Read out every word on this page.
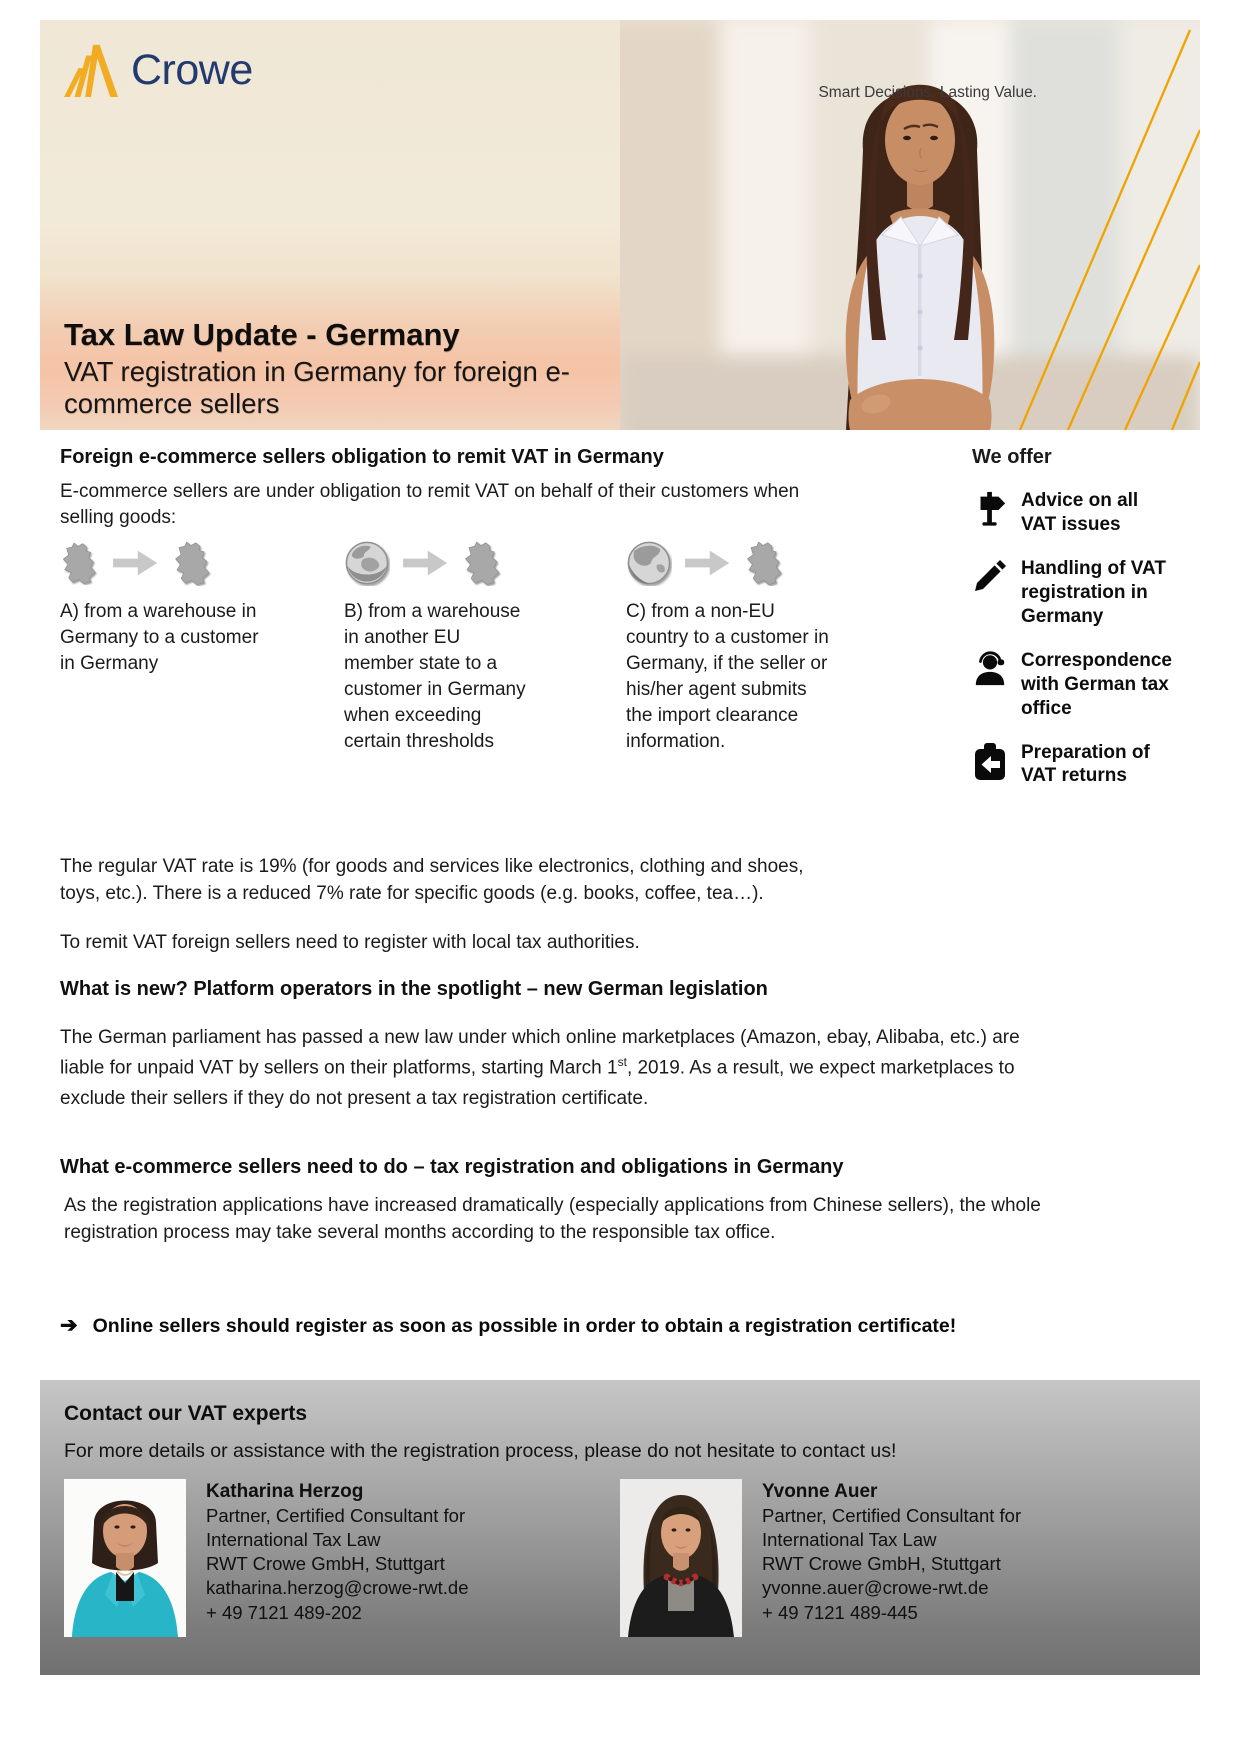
Crowe	Smart Decisions. Lasting Value.
Tax Law Update - Germany
VAT registration in Germany for foreign e-commerce sellers
Foreign e-commerce sellers obligation to remit VAT in Germany

E-commerce sellers are under obligation to remit VAT on behalf of their customers when selling goods:

A) from a warehouse in Germany to a customer in Germany

B) from a warehouse in another EU member state to a customer in Germany when exceeding certain thresholds

C) from a non-EU country to a customer in Germany, if the seller or his/her agent submits the import clearance information.

The regular VAT rate is 19% (for goods and services like electronics, clothing and shoes, toys, etc.). There is a reduced 7% rate for specific goods (e.g. books, coffee, tea…).

To remit VAT foreign sellers need to register with local tax authorities.

We offer
Advice on all VAT issues
Handling of VAT registration in Germany
Correspondence with German tax office
Preparation of VAT returns
What is new? Platform operators in the spotlight – new German legislation

The German parliament has passed a new law under which online marketplaces (Amazon, ebay, Alibaba, etc.) are liable for unpaid VAT by sellers on their platforms, starting March 1st, 2019. As a result, we expect marketplaces to exclude their sellers if they do not present a tax registration certificate.

What e-commerce sellers need to do – tax registration and obligations in Germany

As the registration applications have increased dramatically (especially applications from Chinese sellers), the whole registration process may take several months according to the responsible tax office.

➔ Online sellers should register as soon as possible in order to obtain a registration certificate!
Contact our VAT experts

For more details or assistance with the registration process, please do not hesitate to contact us!

Katharina Herzog
Partner, Certified Consultant for
International Tax Law
RWT Crowe GmbH, Stuttgart
katharina.herzog@crowe-rwt.de
+ 49 7121 489-202
Yvonne Auer
Partner, Certified Consultant for
International Tax Law
RWT Crowe GmbH, Stuttgart
yvonne.auer@crowe-rwt.de
+ 49 7121 489-445
